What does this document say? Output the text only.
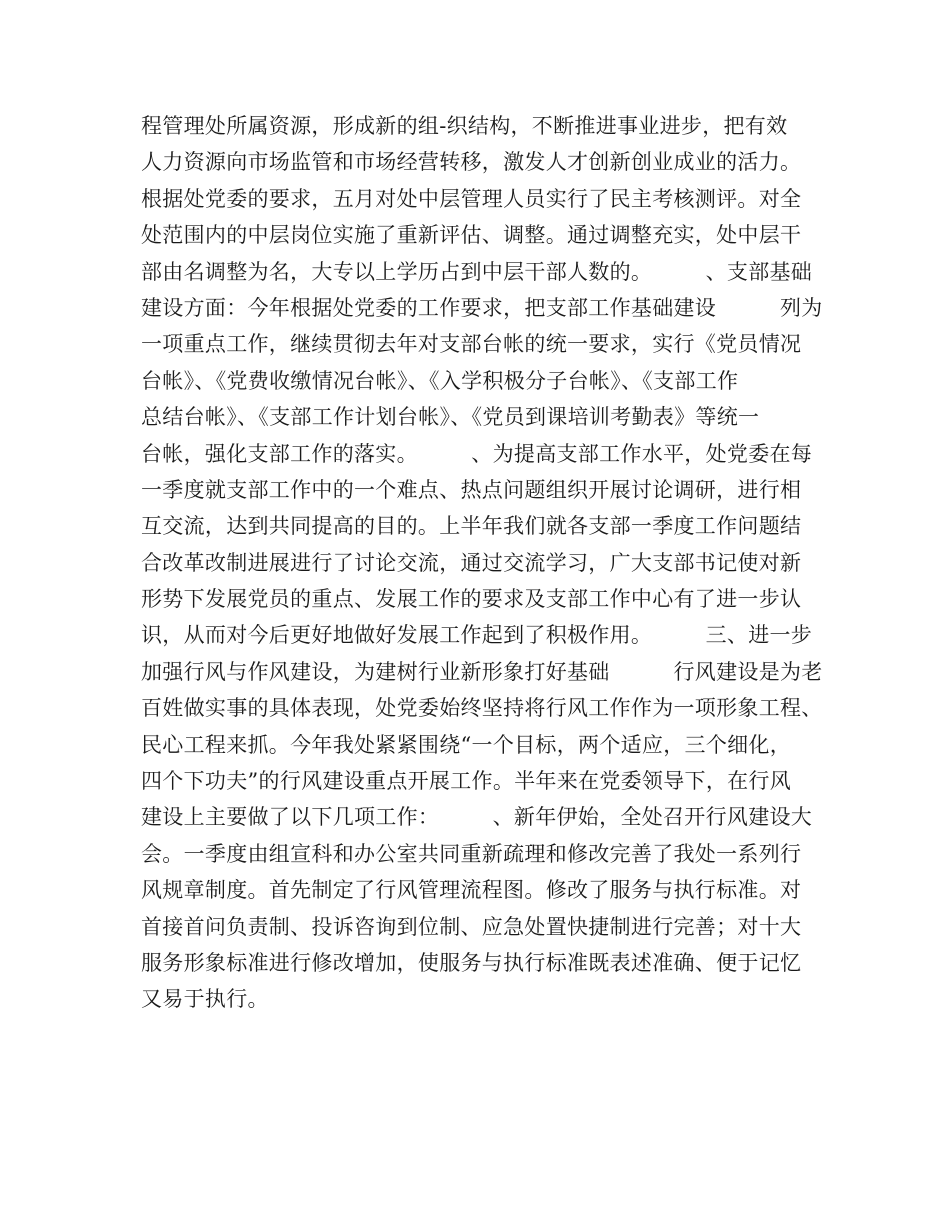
程管理处所属资源，形成新的组-织结构，不断推进事业进步，把有效
人力资源向市场监管和市场经营转移，激发人才创新创业成业的活力。
根据处党委的要求，五月对处中层管理人员实行了民主考核测评。对全
处范围内的中层岗位实施了重新评估、调整。通过调整充实，处中层干
部由名调整为名，大专以上学历占到中层干部人数的。　　　、支部基础
建设方面：今年根据处党委的工作要求，把支部工作基础建设　　　列为
一项重点工作，继续贯彻去年对支部台帐的统一要求，实行《党员情况
台帐》、《党费收缴情况台帐》、《入学积极分子台帐》、《支部工作
总结台帐》、《支部工作计划台帐》、《党员到课培训考勤表》等统一
台帐，强化支部工作的落实。　　　、为提高支部工作水平，处党委在每
一季度就支部工作中的一个难点、热点问题组织开展讨论调研，进行相
互交流，达到共同提高的目的。上半年我们就各支部一季度工作问题结
合改革改制进展进行了讨论交流，通过交流学习，广大支部书记使对新
形势下发展党员的重点、发展工作的要求及支部工作中心有了进一步认
识，从而对今后更好地做好发展工作起到了积极作用。　　　三、进一步
加强行风与作风建设，为建树行业新形象打好基础　　　行风建设是为老
百姓做实事的具体表现，处党委始终坚持将行风工作作为一项形象工程、
民心工程来抓。今年我处紧紧围绕“一个目标，两个适应，三个细化，
四个下功夫”的行风建设重点开展工作。半年来在党委领导下，在行风
建设上主要做了以下几项工作：　　　、新年伊始，全处召开行风建设大
会。一季度由组宣科和办公室共同重新疏理和修改完善了我处一系列行
风规章制度。首先制定了行风管理流程图。修改了服务与执行标准。对
首接首问负责制、投诉咨询到位制、应急处置快捷制进行完善；对十大
服务形象标准进行修改增加，使服务与执行标准既表述准确、便于记忆
又易于执行。
